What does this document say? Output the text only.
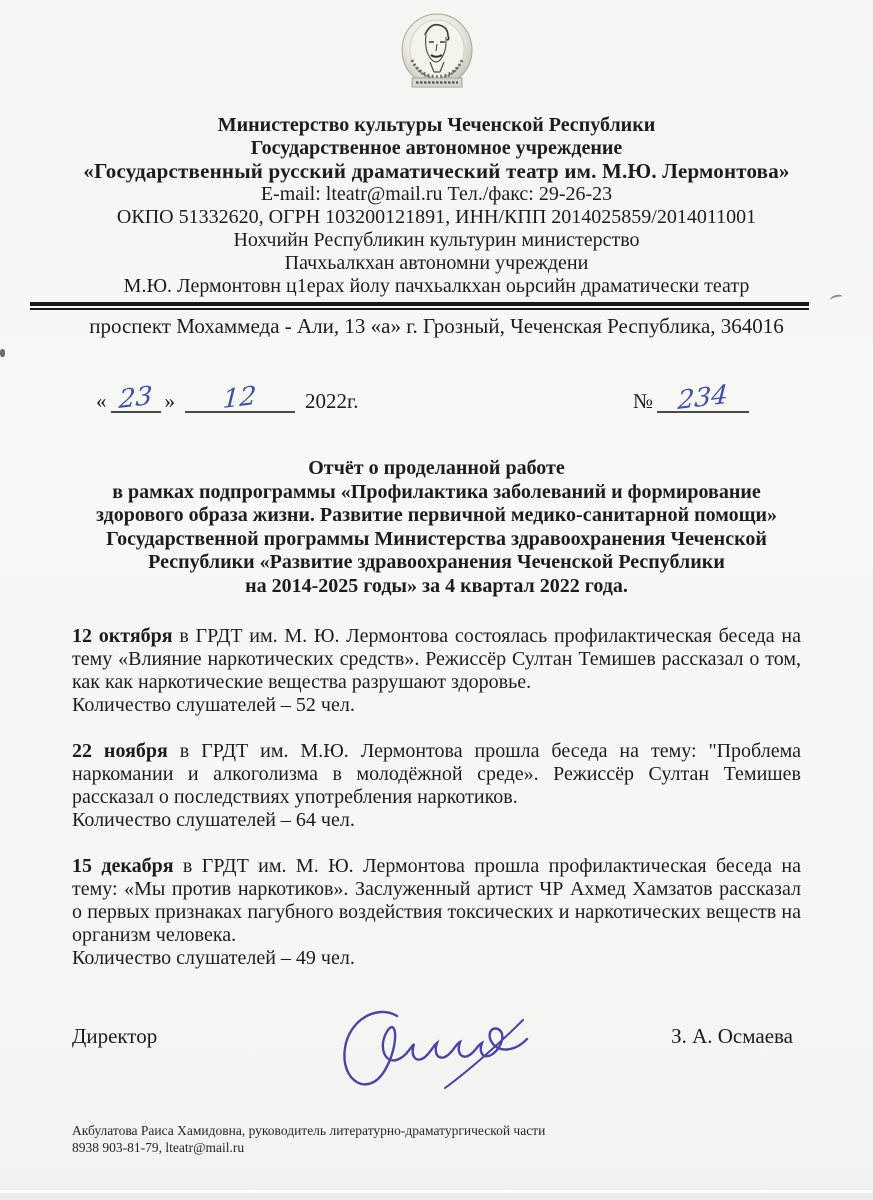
Министерство культуры Чеченской Республики
Государственное автономное учреждение
«Государственный русский драматический театр им. М.Ю. Лермонтова»
E-mail: lteatr@mail.ru Тел./факс: 29-26-23
ОКПО 51332620, ОГРН 103200121891, ИНН/КПП 2014025859/2014011001
Нохчийн Республикин культурин министерство
Пачхьалкхан автономни учреждени
М.Ю. Лермонтовн ц1ерах йолу пачхьалкхан оьрсийн драматически театр
проспект Мохаммеда - Али, 13 «а» г. Грозный, Чеченская Республика, 364016
« 23 » 12 2022г.	№ 234
Отчёт о проделанной работе
в рамках подпрограммы «Профилактика заболеваний и формирование
здорового образа жизни. Развитие первичной медико-санитарной помощи»
Государственной программы Министерства здравоохранения Чеченской
Республики «Развитие здравоохранения Чеченской Республики
на 2014-2025 годы» за 4 квартал 2022 года.

12 октября в ГРДТ им. М. Ю. Лермонтова состоялась профилактическая беседа на тему «Влияние наркотических средств». Режиссёр Султан Темишев рассказал о том, как как наркотические вещества разрушают здоровье.

Количество слушателей – 52 чел.

22 ноября в ГРДТ им. М.Ю. Лермонтова прошла беседа на тему: "Проблема наркомании и алкоголизма в молодёжной среде». Режиссёр Султан Темишев рассказал о последствиях употребления наркотиков.

Количество слушателей – 64 чел.

15 декабря в ГРДТ им. М. Ю. Лермонтова прошла профилактическая беседа на тему: «Мы против наркотиков». Заслуженный артист ЧР Ахмед Хамзатов рассказал о первых признаках пагубного воздействия токсических и наркотических веществ на организм человека.

Количество слушателей – 49 чел.
Директор	З. А. Осмаева
Акбулатова Раиса Хамидовна, руководитель литературно-драматургической части
8938 903-81-79, lteatr@mail.ru
